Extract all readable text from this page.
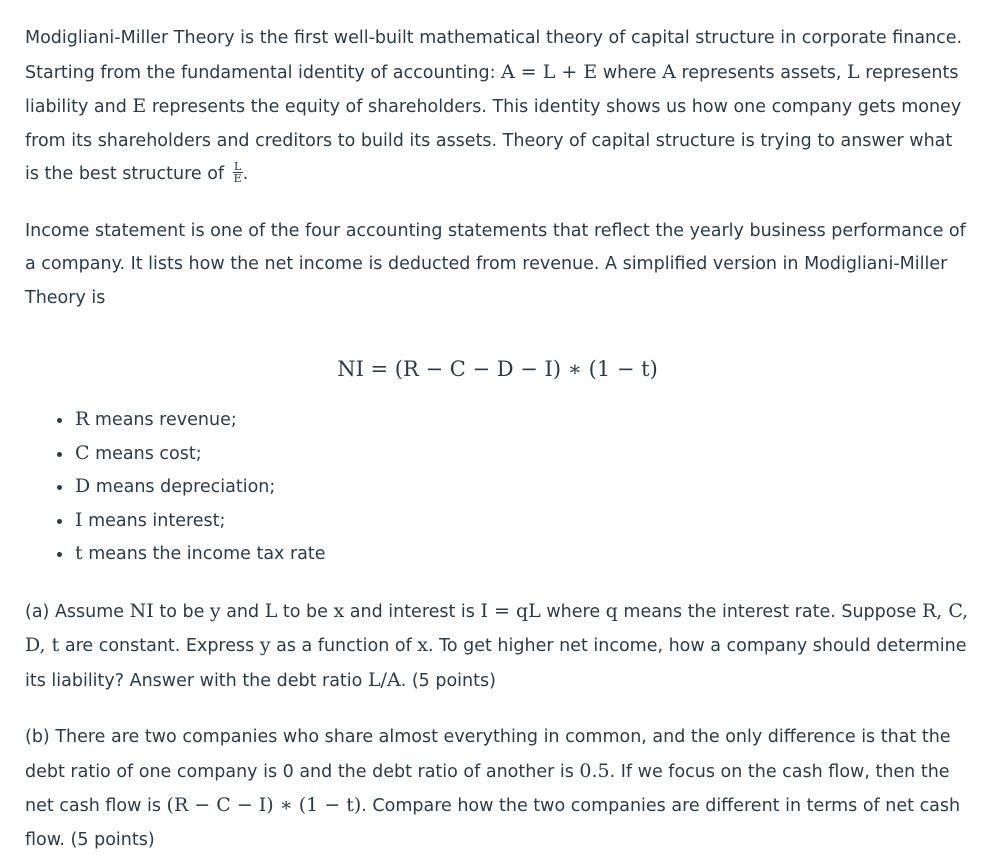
Modigliani-Miller Theory is the first well-built mathematical theory of capital structure in corporate finance. Starting from the fundamental identity of accounting: A = L + E where A represents assets, L represents liability and E represents the equity of shareholders. This identity shows us how one company gets money from its shareholders and creditors to build its assets. Theory of capital structure is trying to answer what is the best structure of $\frac{L}{E}$ .

Income statement is one of the four accounting statements that reflect the yearly business performance of a company. It lists how the net income is deducted from revenue. A simplified version in Modigliani-Miller Theory is

NI = (R − C − D − I) ∗ (1 − t)
R means revenue;
C means cost;
D means depreciation;
I means interest;
t means the income tax rate

(a) Assume NI to be y and L to be x and interest is I = qL where q means the interest rate. Suppose R, C, D, t are constant. Express y as a function of x. To get higher net income, how a company should determine its liability? Answer with the debt ratio L/A. (5 points)

(b) There are two companies who share almost everything in common, and the only difference is that the debt ratio of one company is 0 and the debt ratio of another is 0.5. If we focus on the cash flow, then the net cash flow is (R − C − I) ∗ (1 − t). Compare how the two companies are different in terms of net cash flow. (5 points)
